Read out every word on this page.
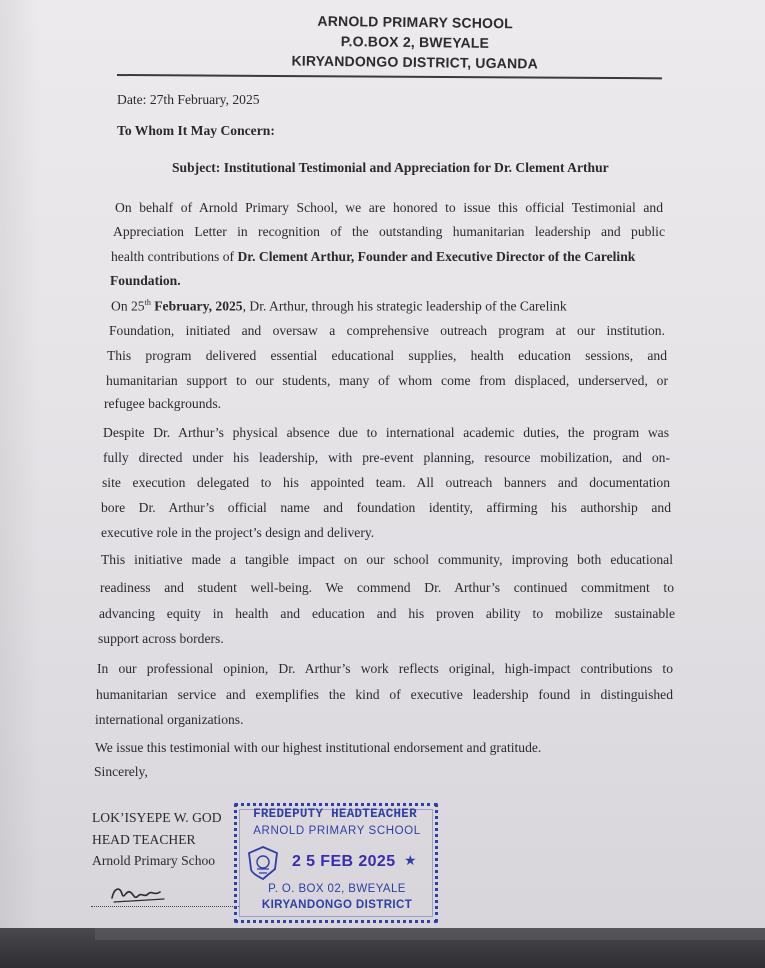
ARNOLD PRIMARY SCHOOL
P.O.BOX 2, BWEYALE
KIRYANDONGO DISTRICT, UGANDA
Date: 27th February, 2025
To Whom It May Concern:
Subject: Institutional Testimonial and Appreciation for Dr. Clement Arthur
On behalf of Arnold Primary School, we are honored to issue this official Testimonial and
Appreciation Letter in recognition of the outstanding humanitarian leadership and public
health contributions of Dr. Clement Arthur, Founder and Executive Director of the Carelink
Foundation.
On 25th February, 2025, Dr. Arthur, through his strategic leadership of the Carelink
Foundation, initiated and oversaw a comprehensive outreach program at our institution.
This program delivered essential educational supplies, health education sessions, and
humanitarian support to our students, many of whom come from displaced, underserved, or
refugee backgrounds.
Despite Dr. Arthur’s physical absence due to international academic duties, the program was
fully directed under his leadership, with pre-event planning, resource mobilization, and on-
site execution delegated to his appointed team. All outreach banners and documentation
bore Dr. Arthur’s official name and foundation identity, affirming his authorship and
executive role in the project’s design and delivery.
This initiative made a tangible impact on our school community, improving both educational
readiness and student well-being. We commend Dr. Arthur’s continued commitment to
advancing equity in health and education and his proven ability to mobilize sustainable
support across borders.
In our professional opinion, Dr. Arthur’s work reflects original, high-impact contributions to
humanitarian service and exemplifies the kind of executive leadership found in distinguished
international organizations.
We issue this testimonial with our highest institutional endorsement and gratitude.
Sincerely,
LOK’ISYEPE W. GOD
HEAD TEACHER
Arnold Primary Schoo
FREDEPUTY HEADTEACHER
ARNOLD PRIMARY SCHOOL
2 5 FEB 2025 ★
P. O. BOX 02, BWEYALE
KIRYANDONGO DISTRICT
